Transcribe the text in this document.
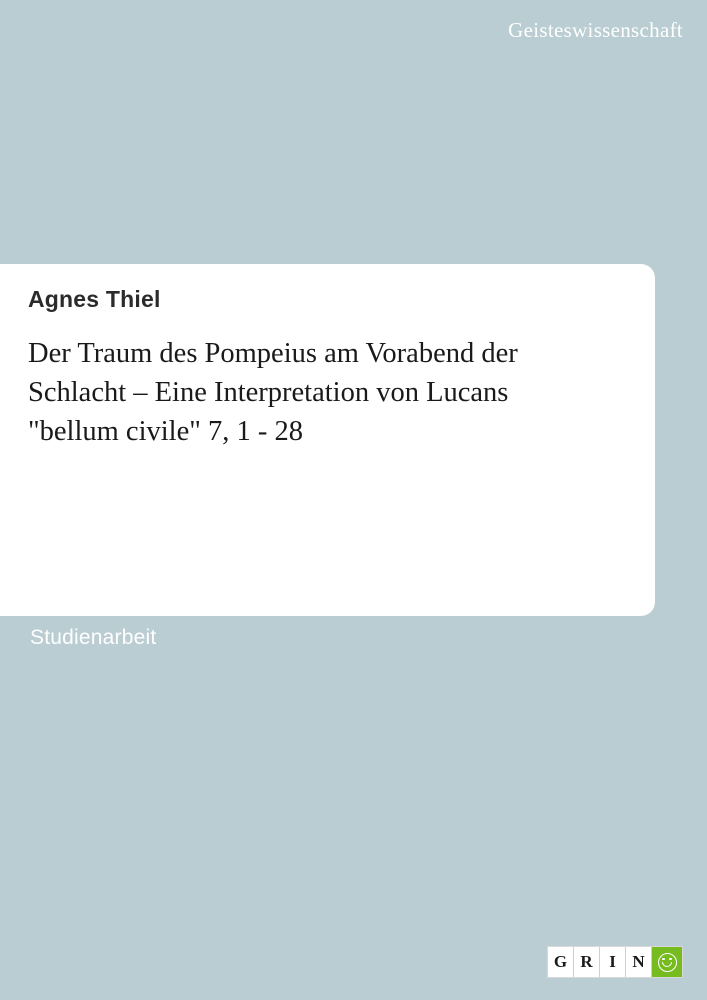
Geisteswissenschaft
Agnes Thiel
Der Traum des Pompeius am Vorabend der Schlacht – Eine Interpretation von Lucans "bellum civile" 7, 1 - 28
Studienarbeit
G R I N
